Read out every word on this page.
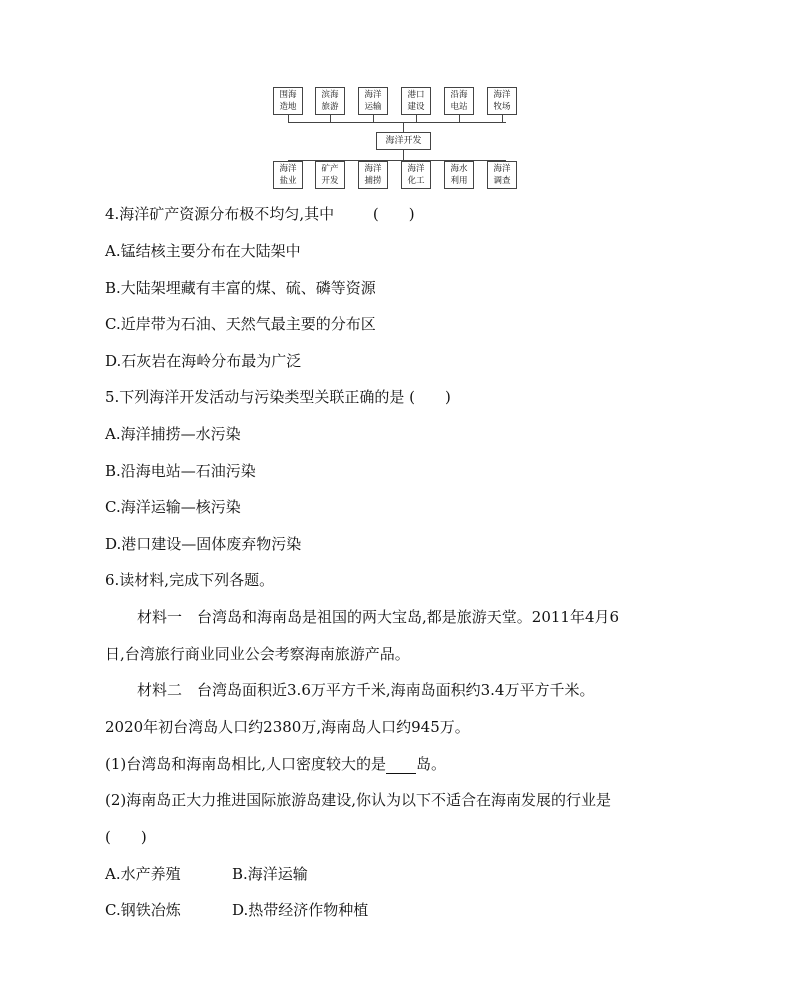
海洋开发
围海
造地
滨海
旅游
海洋
运输
港口
建设
沿海
电站
海洋
牧场
海洋
盐业
矿产
开发
海洋
捕捞
海洋
化工
海水
利用
海洋
调查
4.海洋矿产资源分布极不均匀,其中	(　　)
A.锰结核主要分布在大陆架中
B.大陆架埋藏有丰富的煤、硫、磷等资源
C.近岸带为石油、天然气最主要的分布区
D.石灰岩在海岭分布最为广泛
5.下列海洋开发活动与污染类型关联正确的是 (　　)
A.海洋捕捞—水污染
B.沿海电站—石油污染
C.海洋运输—核污染
D.港口建设—固体废弃物污染
6.读材料,完成下列各题。
材料一　台湾岛和海南岛是祖国的两大宝岛,都是旅游天堂。2011年4月6
日,台湾旅行商业同业公会考察海南旅游产品。
材料二　台湾岛面积近3.6万平方千米,海南岛面积约3.4万平方千米。
2020年初台湾岛人口约2380万,海南岛人口约945万。
(1)台湾岛和海南岛相比,人口密度较大的是 岛。
(2)海南岛正大力推进国际旅游岛建设,你认为以下不适合在海南发展的行业是
(　　)
A.水产养殖	B.海洋运输
C.钢铁冶炼	D.热带经济作物种植
